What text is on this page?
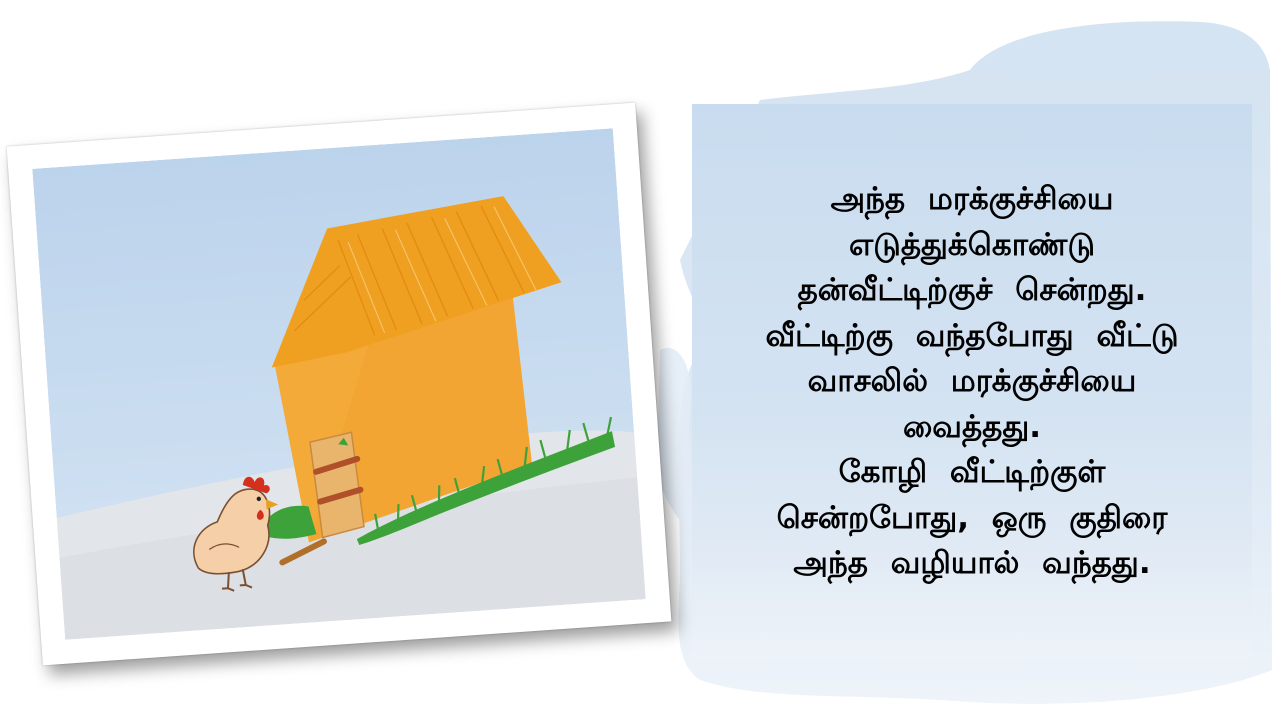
அந்த மரக்குச்சியை
எடுத்துக்கொண்டு
தன்வீட்டிற்குச் சென்றது.
வீட்டிற்கு வந்தபோது வீட்டு
வாசலில் மரக்குச்சியை
வைத்தது.
கோழி வீட்டிற்குள்
சென்றபோது, ஒரு குதிரை
அந்த வழியால் வந்தது.
